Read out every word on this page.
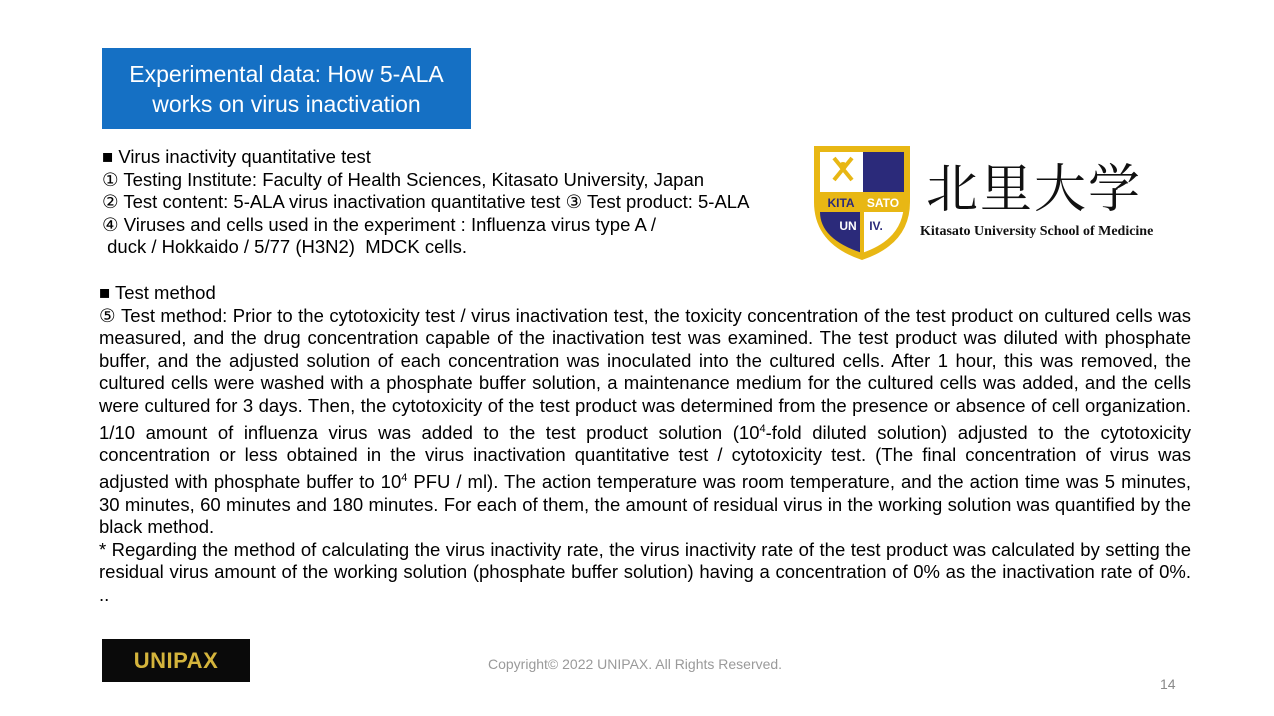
Experimental data: How 5-ALA
works on virus inactivation
■ Virus inactivity quantitative test
① Testing Institute: Faculty of Health Sciences, Kitasato University, Japan
② Test content: 5-ALA virus inactivation quantitative test ③ Test product: 5-ALA
④ Viruses and cells used in the experiment : Influenza virus type A /
duck / Hokkaido / 5/77 (H3N2)  MDCK cells.
KITA SATO
UN IV.
北里大学
Kitasato University School of Medicine
■ Test method
⑤ Test method: Prior to the cytotoxicity test / virus inactivation test, the toxicity concentration of the test product on cultured cells was measured, and the drug concentration capable of the inactivation test was examined. The test product was diluted with phosphate buffer, and the adjusted solution of each concentration was inoculated into the cultured cells. After 1 hour, this was removed, the cultured cells were washed with a phosphate buffer solution, a maintenance medium for the cultured cells was added, and the cells were cultured for 3 days. Then, the cytotoxicity of the test product was determined from the presence or absence of cell organization. 1/10 amount of influenza virus was added to the test product solution ($10^4$-fold diluted solution) adjusted to the cytotoxicity concentration or less obtained in the virus inactivation quantitative test / cytotoxicity test. (The final concentration of virus was adjusted with phosphate buffer to $10^4$ PFU / ml). The action temperature was room temperature, and the action time was 5 minutes, 30 minutes, 60 minutes and 180 minutes. For each of them, the amount of residual virus in the working solution was quantified by the black method.
* Regarding the method of calculating the virus inactivity rate, the virus inactivity rate of the test product was calculated by setting the residual virus amount of the working solution (phosphate buffer solution) having a concentration of 0% as the inactivation rate of 0%. ..
UNIPAX	Copyright© 2022 UNIPAX. All Rights Reserved.
14
